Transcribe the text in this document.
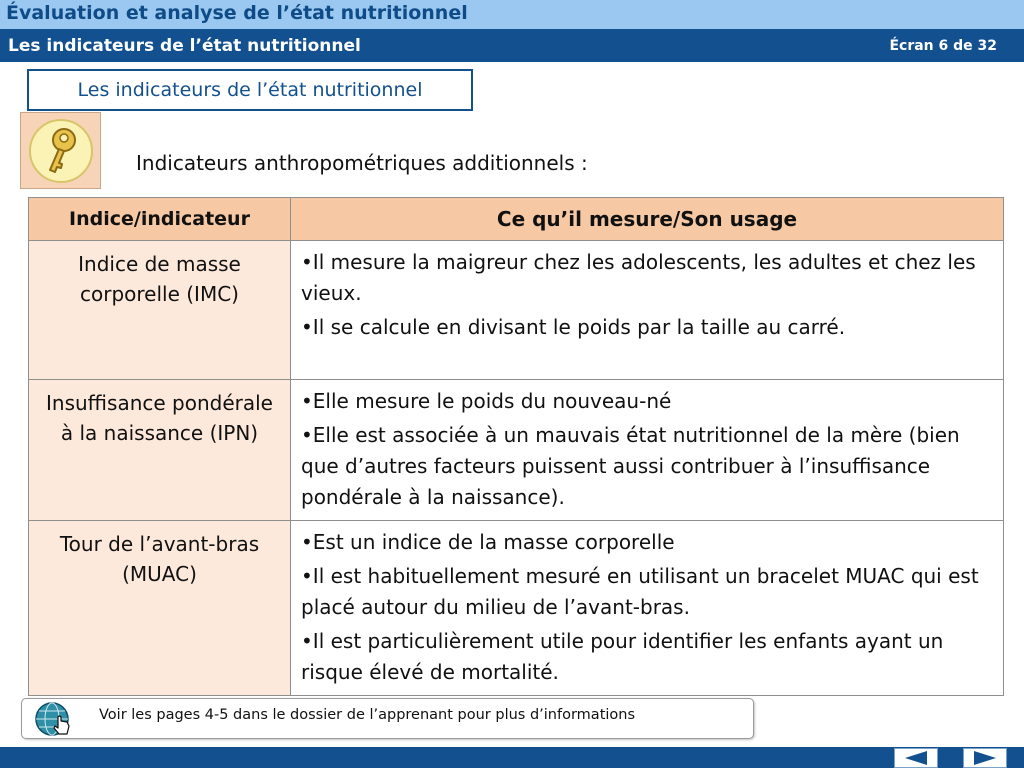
Évaluation et analyse de l’état nutritionnel
Les indicateurs de l’état nutritionnel	Écran 6 de 32
Les indicateurs de l’état nutritionnel
Indicateurs anthropométriques additionnels :
Indice/indicateur	Ce qu’il mesure/Son usage
Indice de masse corporelle (IMC)	•Il mesure la maigreur chez les adolescents, les adultes et chez les vieux.

•Il se calcule en divisant le poids par la taille au carré.

Insuffisance pondérale à la naissance (IPN)	•Elle mesure le poids du nouveau-né

•Elle est associée à un mauvais état nutritionnel de la mère (bien que d’autres facteurs puissent aussi contribuer à l’insuffisance pondérale à la naissance).

Tour de l’avant-bras (MUAC)	•Est un indice de la masse corporelle

•Il est habituellement mesuré en utilisant un bracelet MUAC qui est placé autour du milieu de l’avant-bras.

•Il est particulièrement utile pour identifier les enfants ayant un risque élevé de mortalité.

Voir les pages 4-5 dans le dossier de l’apprenant pour plus d’informations
